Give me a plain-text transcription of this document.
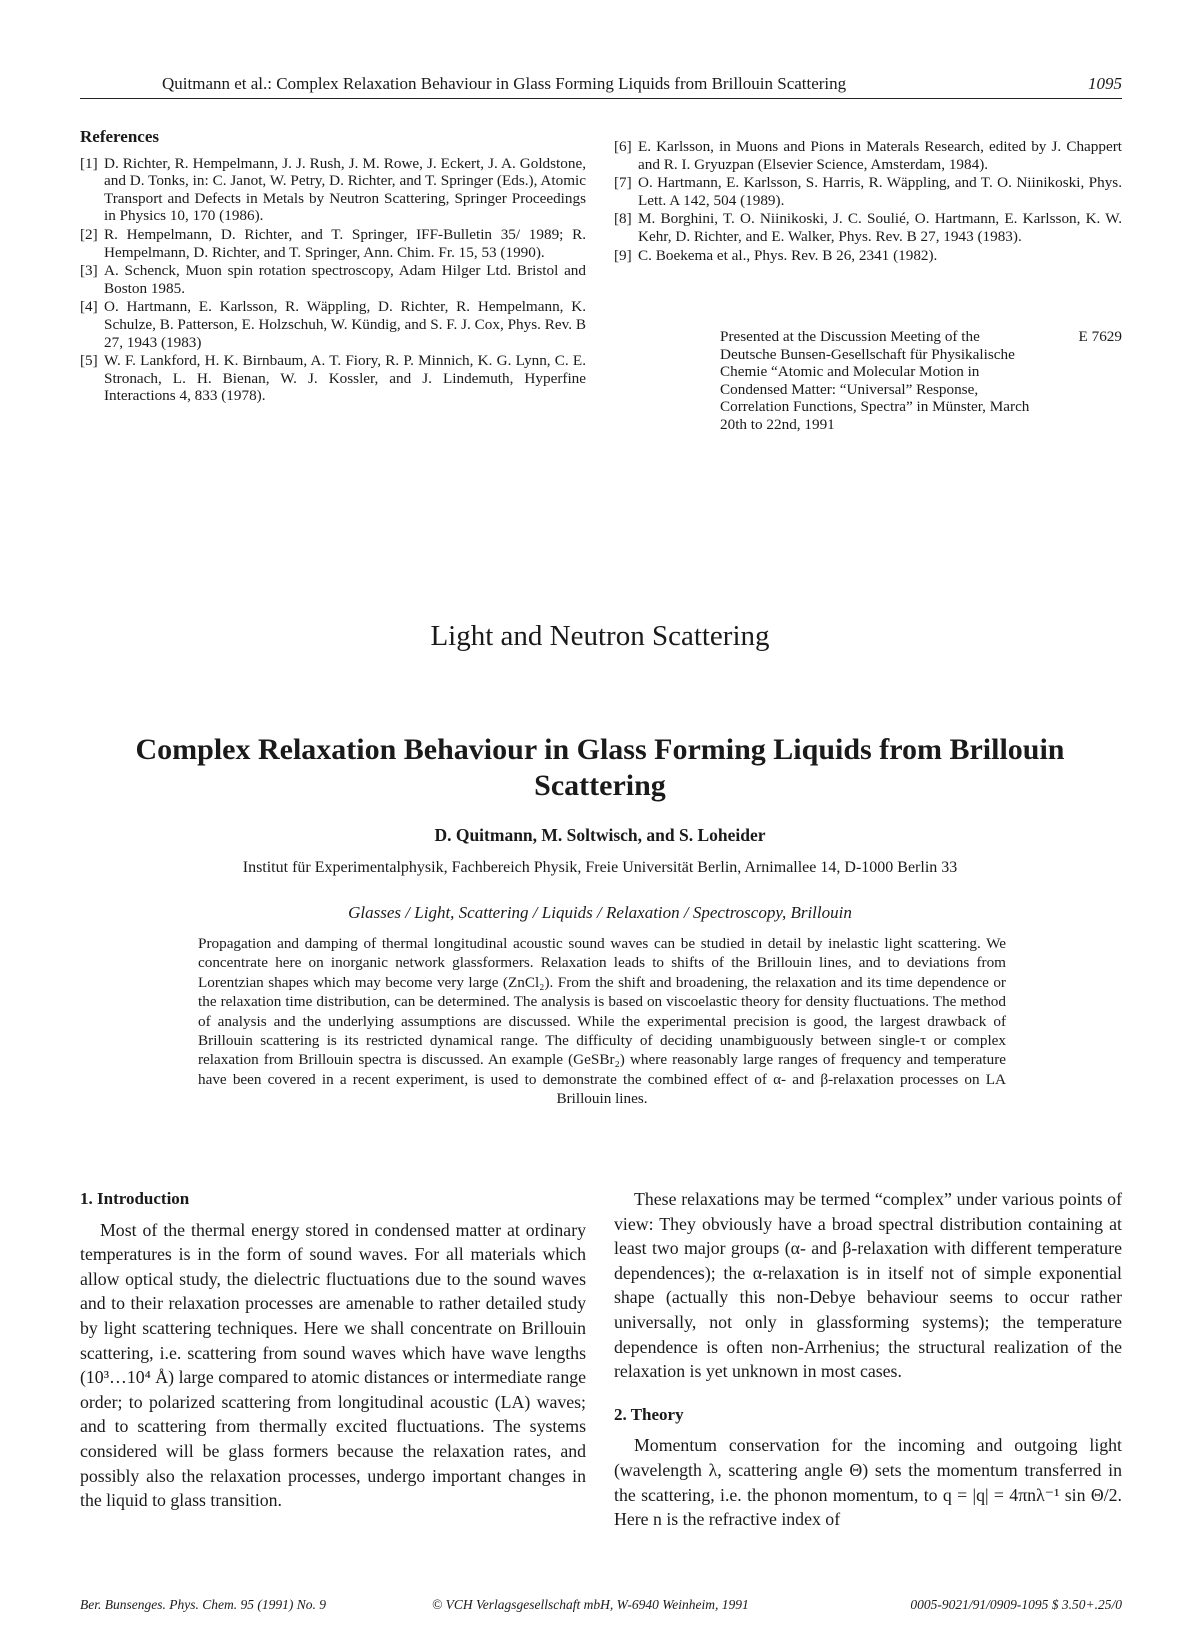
Quitmann et al.: Complex Relaxation Behaviour in Glass Forming Liquids from Brillouin Scattering	1095
References
[1] D. Richter, R. Hempelmann, J. J. Rush, J. M. Rowe, J. Eckert, J. A. Goldstone, and D. Tonks, in: C. Janot, W. Petry, D. Richter, and T. Springer (Eds.), Atomic Transport and Defects in Metals by Neutron Scattering, Springer Proceedings in Physics 10, 170 (1986).
[2] R. Hempelmann, D. Richter, and T. Springer, IFF-Bulletin 35/ 1989; R. Hempelmann, D. Richter, and T. Springer, Ann. Chim. Fr. 15, 53 (1990).
[3] A. Schenck, Muon spin rotation spectroscopy, Adam Hilger Ltd. Bristol and Boston 1985.
[4] O. Hartmann, E. Karlsson, R. Wäppling, D. Richter, R. Hempelmann, K. Schulze, B. Patterson, E. Holzschuh, W. Kündig, and S. F. J. Cox, Phys. Rev. B 27, 1943 (1983)
[5] W. F. Lankford, H. K. Birnbaum, A. T. Fiory, R. P. Minnich, K. G. Lynn, C. E. Stronach, L. H. Bienan, W. J. Kossler, and J. Lindemuth, Hyperfine Interactions 4, 833 (1978).
[6] E. Karlsson, in Muons and Pions in Materals Research, edited by J. Chappert and R. I. Gryuzpan (Elsevier Science, Amsterdam, 1984).
[7] O. Hartmann, E. Karlsson, S. Harris, R. Wäppling, and T. O. Niinikoski, Phys. Lett. A 142, 504 (1989).
[8] M. Borghini, T. O. Niinikoski, J. C. Soulié, O. Hartmann, E. Karlsson, K. W. Kehr, D. Richter, and E. Walker, Phys. Rev. B 27, 1943 (1983).
[9] C. Boekema et al., Phys. Rev. B 26, 2341 (1982).
Presented at the Discussion Meeting of the Deutsche Bunsen-Gesellschaft für Physikalische Chemie “Atomic and Molecular Motion in Condensed Matter: “Universal” Response, Correlation Functions, Spectra” in Münster, March 20th to 22nd, 1991
E 7629
Light and Neutron Scattering
Complex Relaxation Behaviour in Glass Forming Liquids from Brillouin Scattering
D. Quitmann, M. Soltwisch, and S. Loheider
Institut für Experimentalphysik, Fachbereich Physik, Freie Universität Berlin, Arnimallee 14, D-1000 Berlin 33
Glasses / Light, Scattering / Liquids / Relaxation / Spectroscopy, Brillouin
Propagation and damping of thermal longitudinal acoustic sound waves can be studied in detail by inelastic light scattering. We concentrate here on inorganic network glassformers. Relaxation leads to shifts of the Brillouin lines, and to deviations from Lorentzian shapes which may become very large (ZnCl₂). From the shift and broadening, the relaxation and its time dependence or the relaxation time distribution, can be determined. The analysis is based on viscoelastic theory for density fluctuations. The method of analysis and the underlying assumptions are discussed. While the experimental precision is good, the largest drawback of Brillouin scattering is its restricted dynamical range. The difficulty of deciding unambiguously between single-τ or complex relaxation from Brillouin spectra is discussed. An example (GeSBr₂) where reasonably large ranges of frequency and temperature have been covered in a recent experiment, is used to demonstrate the combined effect of α- and β-relaxation processes on LA Brillouin lines.
1. Introduction

Most of the thermal energy stored in condensed matter at ordinary temperatures is in the form of sound waves. For all materials which allow optical study, the dielectric fluctuations due to the sound waves and to their relaxation processes are amenable to rather detailed study by light scattering techniques. Here we shall concentrate on Brillouin scattering, i.e. scattering from sound waves which have wave lengths (10³…10⁴ Å) large compared to atomic distances or intermediate range order; to polarized scattering from longitudinal acoustic (LA) waves; and to scattering from thermally excited fluctuations. The systems considered will be glass formers because the relaxation rates, and possibly also the relaxation processes, undergo important changes in the liquid to glass transition.

These relaxations may be termed “complex” under various points of view: They obviously have a broad spectral distribution containing at least two major groups (α- and β-relaxation with different temperature dependences); the α-relaxation is in itself not of simple exponential shape (actually this non-Debye behaviour seems to occur rather universally, not only in glassforming systems); the temperature dependence is often non-Arrhenius; the structural realization of the relaxation is yet unknown in most cases.

2. Theory

Momentum conservation for the incoming and outgoing light (wavelength λ, scattering angle Θ) sets the momentum transferred in the scattering, i.e. the phonon momentum, to q = |q| = 4πnλ⁻¹ sin Θ/2. Here n is the refractive index of

Ber. Bunsenges. Phys. Chem. 95 (1991) No. 9	© VCH Verlagsgesellschaft mbH, W-6940 Weinheim, 1991	0005-9021/91/0909-1095 $ 3.50+.25/0
